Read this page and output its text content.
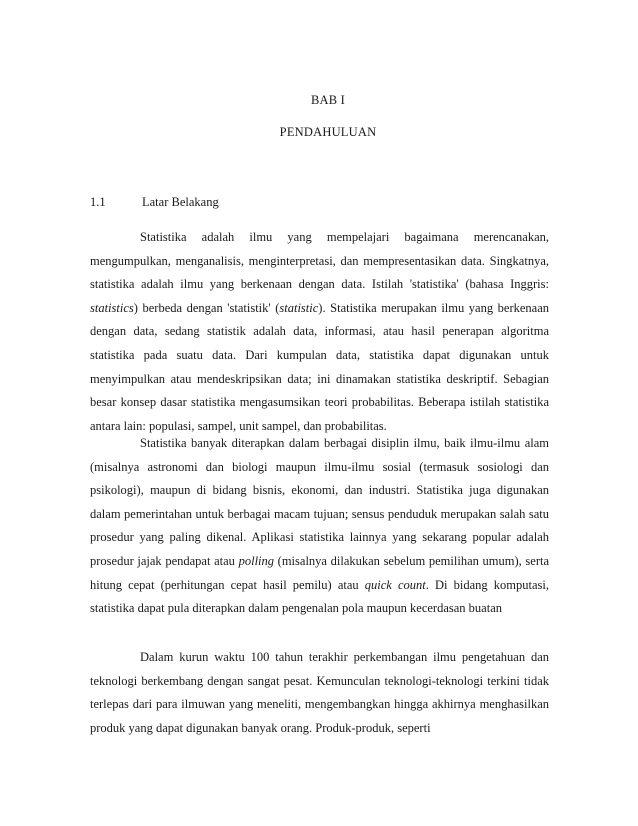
BAB I
PENDAHULUAN
1.1	Latar Belakang

Statistika adalah ilmu yang mempelajari bagaimana merencanakan, mengumpulkan, menganalisis, menginterpretasi, dan mempresentasikan data. Singkatnya, statistika adalah ilmu yang berkenaan dengan data. Istilah 'statistika' (bahasa Inggris: statistics) berbeda dengan 'statistik' (statistic). Statistika merupakan ilmu yang berkenaan dengan data, sedang statistik adalah data, informasi, atau hasil penerapan algoritma statistika pada suatu data. Dari kumpulan data, statistika dapat digunakan untuk menyimpulkan atau mendeskripsikan data; ini dinamakan statistika deskriptif. Sebagian besar konsep dasar statistika mengasumsikan teori probabilitas. Beberapa istilah statistika antara lain: populasi, sampel, unit sampel, dan probabilitas.

Statistika banyak diterapkan dalam berbagai disiplin ilmu, baik ilmu-ilmu alam (misalnya astronomi dan biologi maupun ilmu-ilmu sosial (termasuk sosiologi dan psikologi), maupun di bidang bisnis, ekonomi, dan industri. Statistika juga digunakan dalam pemerintahan untuk berbagai macam tujuan; sensus penduduk merupakan salah satu prosedur yang paling dikenal. Aplikasi statistika lainnya yang sekarang popular adalah prosedur jajak pendapat atau polling (misalnya dilakukan sebelum pemilihan umum), serta hitung cepat (perhitungan cepat hasil pemilu) atau quick count. Di bidang komputasi, statistika dapat pula diterapkan dalam pengenalan pola maupun kecerdasan buatan

Dalam kurun waktu 100 tahun terakhir perkembangan ilmu pengetahuan dan teknologi berkembang dengan sangat pesat. Kemunculan teknologi-teknologi terkini tidak terlepas dari para ilmuwan yang meneliti, mengembangkan hingga akhirnya menghasilkan produk yang dapat digunakan banyak orang. Produk-produk, seperti
